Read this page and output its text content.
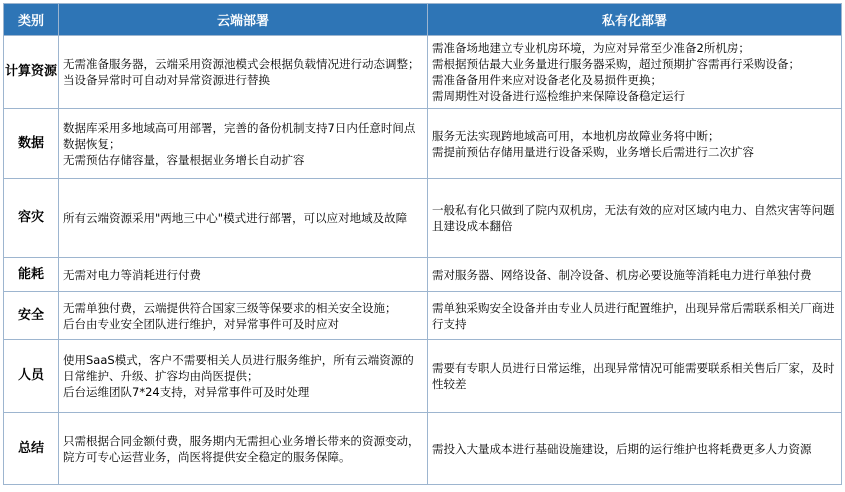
类别	云端部署	私有化部署
计算资源	无需准备服务器，云端采用资源池模式会根据负载情况进行动态调整；
当设备异常时可自动对异常资源进行替换	需准备场地建立专业机房环境，为应对异常至少准备2所机房；
需根据预估最大业务量进行服务器采购，超过预期扩容需再行采购设备；
需准备备用件来应对设备老化及易损件更换；
需周期性对设备进行巡检维护来保障设备稳定运行

数据	数据库采用多地域高可用部署，完善的备份机制支持7日内任意时间点数据恢复；
无需预估存储容量，容量根据业务增长自动扩容	服务无法实现跨地域高可用，本地机房故障业务将中断；
需提前预估存储用量进行设备采购，业务增长后需进行二次扩容

容灾	所有云端资源采用"两地三中心"模式进行部署，可以应对地域及故障	一般私有化只做到了院内双机房，无法有效的应对区域内电力、自然灾害等问题且建设成本翻倍

能耗	无需对电力等消耗进行付费	需对服务器、网络设备、制冷设备、机房必要设施等消耗电力进行单独付费

安全	无需单独付费，云端提供符合国家三级等保要求的相关安全设施；
后台由专业安全团队进行维护，对异常事件可及时应对	需单独采购安全设备并由专业人员进行配置维护，出现异常后需联系相关厂商进行支持

人员	使用SaaS模式，客户不需要相关人员进行服务维护，所有云端资源的日常维护、升级、扩容均由尚医提供；
后台运维团队7*24支持，对异常事件可及时处理	需要有专职人员进行日常运维，出现异常情况可能需要联系相关售后厂家，及时性较差

总结	只需根据合同金额付费，服务期内无需担心业务增长带来的资源变动，院方可专心运营业务，尚医将提供安全稳定的服务保障。	需投入大量成本进行基础设施建设，后期的运行维护也将耗费更多人力资源
